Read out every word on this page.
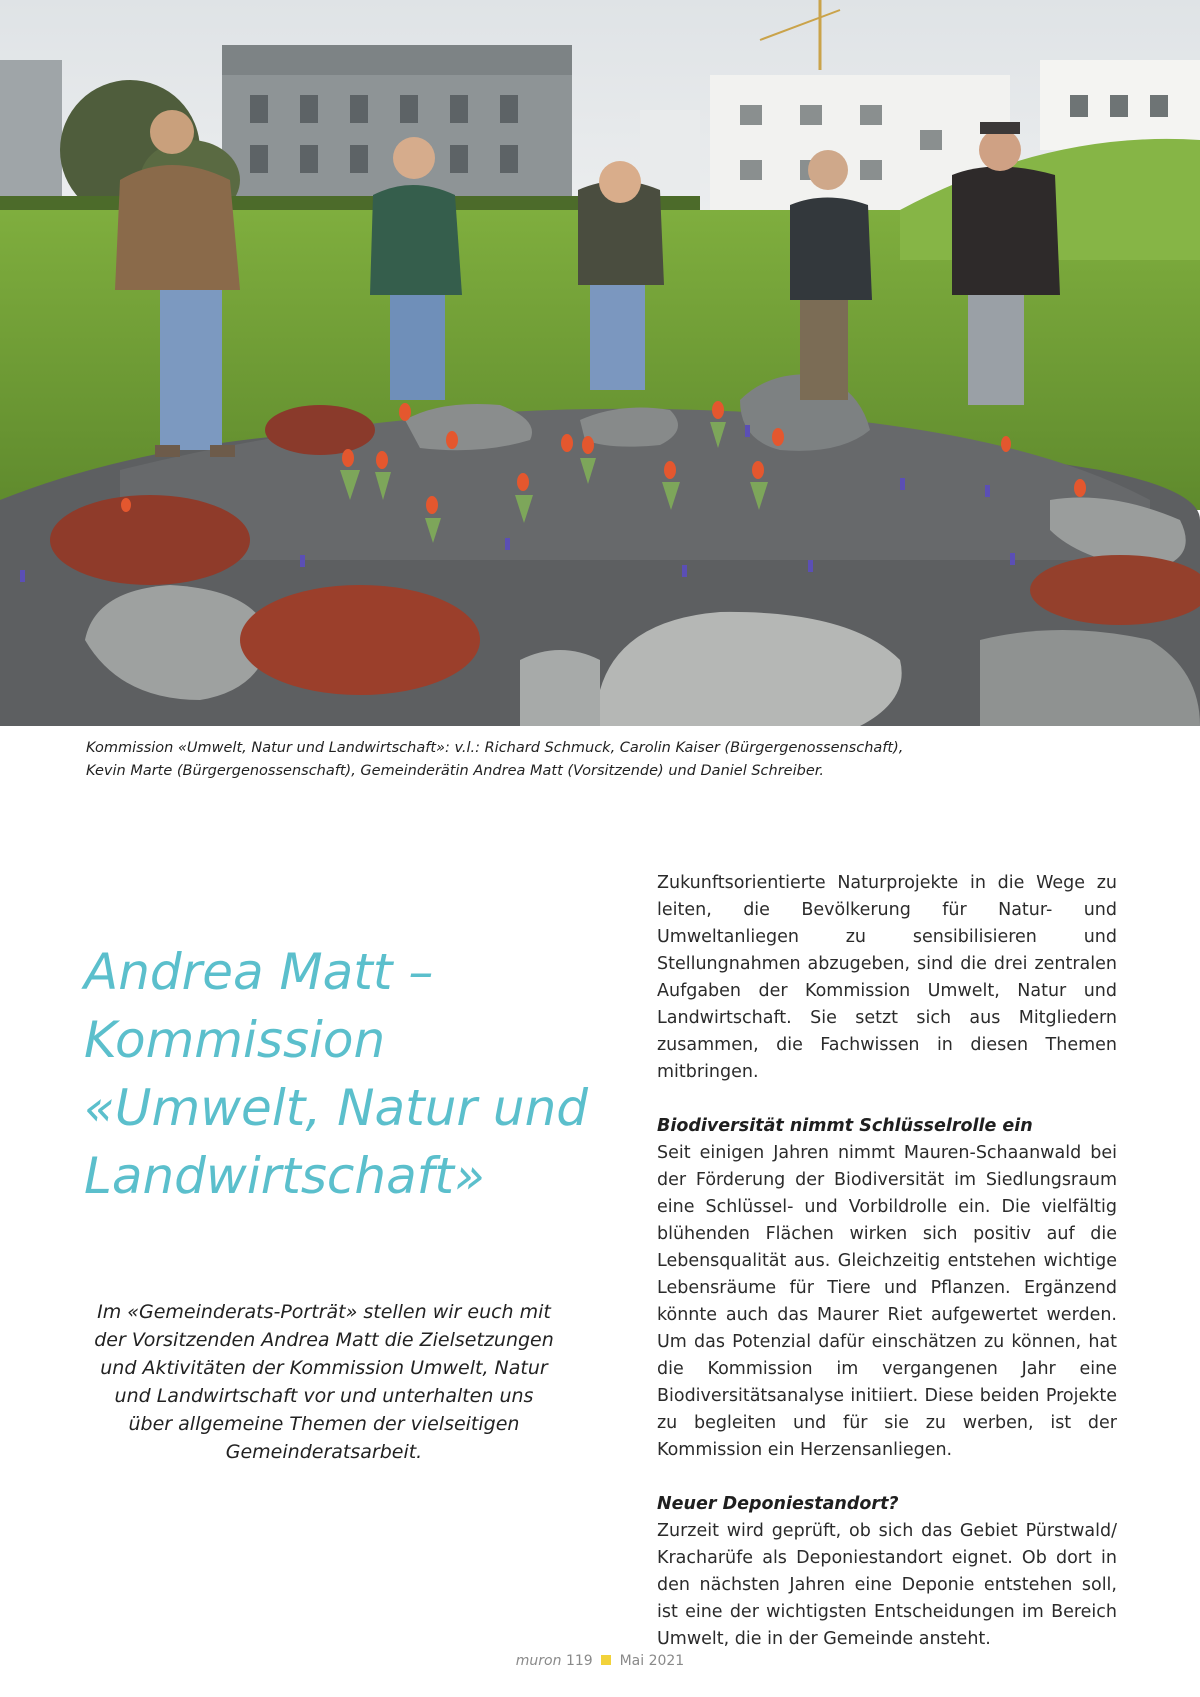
Kommission «Umwelt, Natur und Landwirtschaft»: v.l.: Richard Schmuck, Carolin Kaiser (Bürgergenossenschaft),

Kevin Marte (Bürgergenossenschaft), Gemeinderätin Andrea Matt (Vorsitzende) und Daniel Schreiber.

Andrea Matt –
Kommission
«Umwelt, Natur und
Landwirtschaft»

Im «Gemeinderats-Porträt» stellen wir euch mit
der Vorsitzenden Andrea Matt die Zielsetzungen
und Aktivitäten der Kommission Umwelt, Natur
und Landwirtschaft vor und unterhalten uns
über allgemeine Themen der vielseitigen
Gemeinderatsarbeit.

Zukunftsorientierte Naturprojekte in die Wege zu leiten, die Bevölkerung für Natur- und Umweltanliegen zu sensibilisieren und Stellungnahmen abzugeben, sind die drei zentralen Aufgaben der Kommission Umwelt, Natur und Landwirtschaft. Sie setzt sich aus Mitgliedern zusammen, die Fachwissen in diesen Themen mitbringen.

Biodiversität nimmt Schlüsselrolle ein

Seit einigen Jahren nimmt Mauren-Schaanwald bei der Förderung der Biodiversität im Siedlungsraum eine Schlüssel- und Vorbildrolle ein. Die vielfältig blühenden Flächen wirken sich positiv auf die Lebensqualität aus. Gleichzeitig entstehen wichtige Lebensräume für Tiere und Pflanzen. Ergänzend könnte auch das Maurer Riet aufgewertet werden. Um das Potenzial dafür einschätzen zu können, hat die Kommission im vergangenen Jahr eine Biodiversitätsanalyse initiiert. Diese beiden Projekte zu begleiten und für sie zu werben, ist der Kommission ein Herzensanliegen.

Neuer Deponiestandort?

Zurzeit wird geprüft, ob sich das Gebiet Pürstwald/ Kracharüfe als Deponiestandort eignet. Ob dort in den nächsten Jahren eine Deponie entstehen soll, ist eine der wichtigsten Entscheidungen im Bereich Umwelt, die in der Gemeinde ansteht.

muron 119 Mai 2021
